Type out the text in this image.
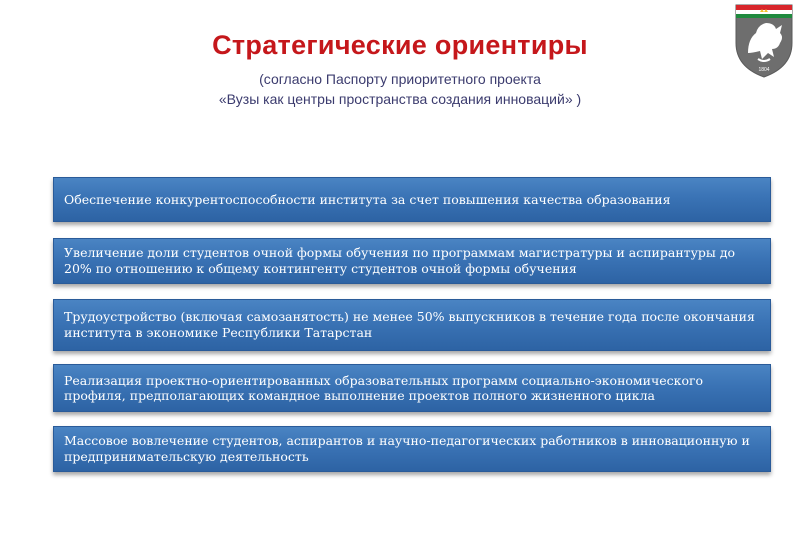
Стратегические ориентиры
(согласно Паспорту приоритетного проекта
«Вузы как центры пространства создания инноваций» )
1804
Обеспечение конкурентоспособности института за счет повышения качества образования
Увеличение доли студентов очной формы обучения по программам магистратуры и аспирантуры до 20% по отношению к общему контингенту студентов очной формы обучения
Трудоустройство (включая самозанятость) не менее 50% выпускников в течение года после окончания института в экономике Республики Татарстан
Реализация проектно-ориентированных образовательных программ социально-экономического профиля, предполагающих командное выполнение проектов полного жизненного цикла
Массовое вовлечение студентов, аспирантов и научно-педагогических работников в инновационную и предпринимательскую деятельность
